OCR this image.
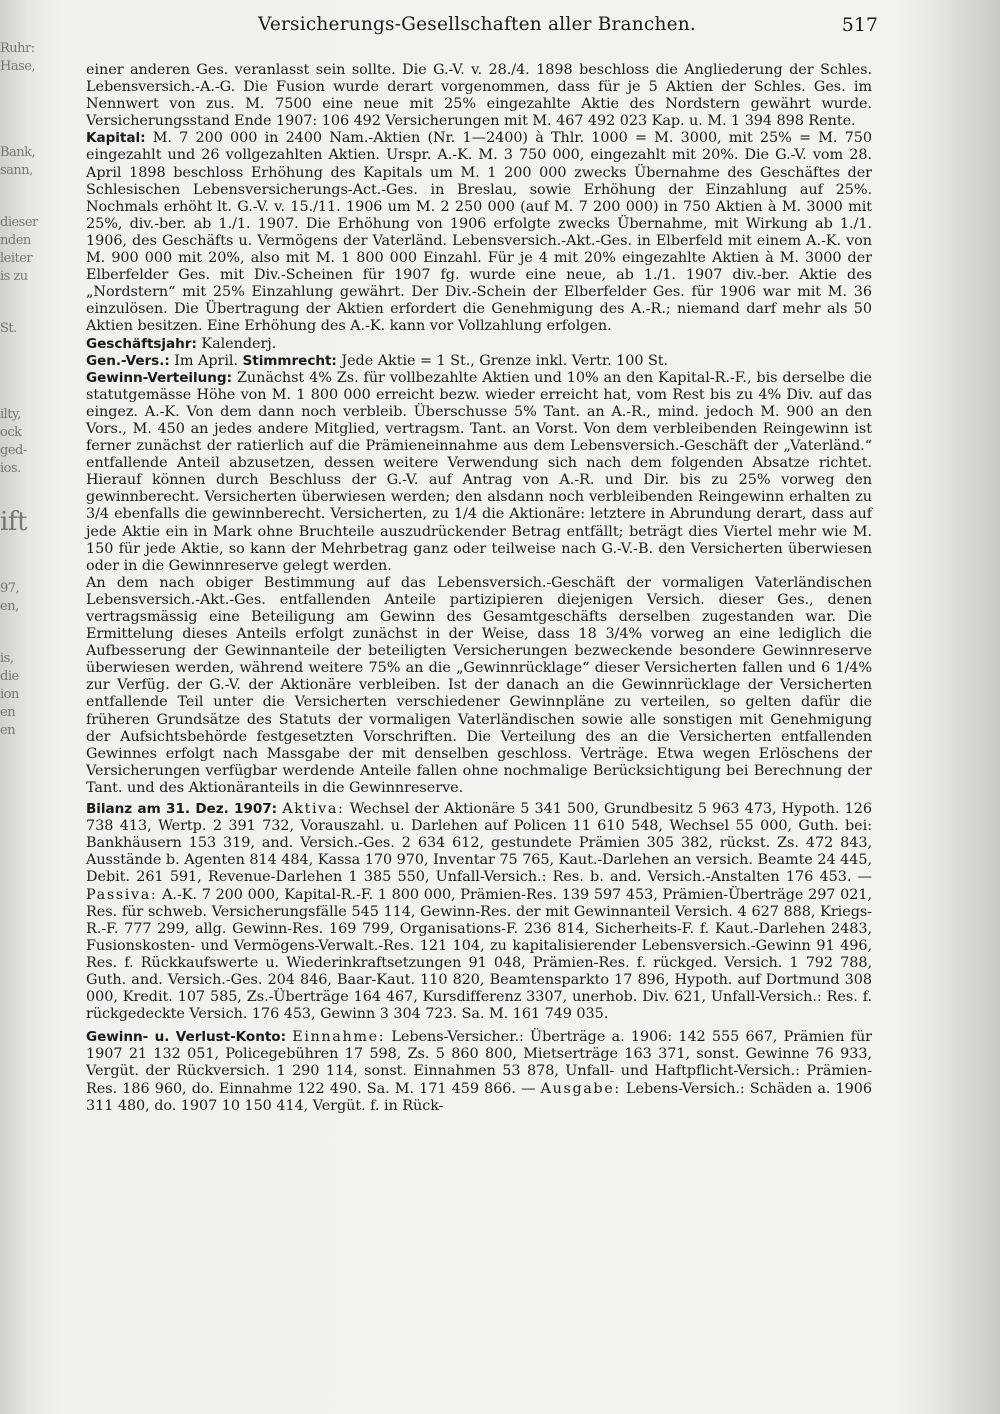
Ruhr:
Hase,
Bank,
sann,
dieser
nden
leiter
is zu
St.
ilty,
ock
ged-
ios.
ift
97,
en,
is,
die
ion
en
en
Versicherungs-Gesellschaften aller Branchen.	517

einer anderen Ges. veranlasst sein sollte. Die G.-V. v. 28./4. 1898 beschloss die Angliederung der Schles. Lebensversich.-A.-G. Die Fusion wurde derart vorgenommen, dass für je 5 Aktien der Schles. Ges. im Nennwert von zus. M. 7500 eine neue mit 25% eingezahlte Aktie des Nordstern gewährt wurde. Versicherungsstand Ende 1907: 106 492 Versicherungen mit M. 467 492 023 Kap. u. M. 1 394 898 Rente.

Kapital: M. 7 200 000 in 2400 Nam.-Aktien (Nr. 1—2400) à Thlr. 1000 = M. 3000, mit 25% = M. 750 eingezahlt und 26 vollgezahlten Aktien. Urspr. A.-K. M. 3 750 000, eingezahlt mit 20%. Die G.-V. vom 28. April 1898 beschloss Erhöhung des Kapitals um M. 1 200 000 zwecks Übernahme des Geschäftes der Schlesischen Lebensversicherungs-Act.-Ges. in Breslau, sowie Erhöhung der Einzahlung auf 25%. Nochmals erhöht lt. G.-V. v. 15./11. 1906 um M. 2 250 000 (auf M. 7 200 000) in 750 Aktien à M. 3000 mit 25%, div.-ber. ab 1./1. 1907. Die Erhöhung von 1906 erfolgte zwecks Übernahme, mit Wirkung ab 1./1. 1906, des Geschäfts u. Vermögens der Vaterländ. Lebensversich.-Akt.-Ges. in Elberfeld mit einem A.-K. von M. 900 000 mit 20%, also mit M. 1 800 000 Einzahl. Für je 4 mit 20% eingezahlte Aktien à M. 3000 der Elberfelder Ges. mit Div.-Scheinen für 1907 fg. wurde eine neue, ab 1./1. 1907 div.-ber. Aktie des „Nordstern“ mit 25% Einzahlung gewährt. Der Div.-Schein der Elberfelder Ges. für 1906 war mit M. 36 einzulösen. Die Übertragung der Aktien erfordert die Genehmigung des A.-R.; niemand darf mehr als 50 Aktien besitzen. Eine Erhöhung des A.-K. kann vor Vollzahlung erfolgen.

Geschäftsjahr: Kalenderj.

Gen.-Vers.: Im April. Stimmrecht: Jede Aktie = 1 St., Grenze inkl. Vertr. 100 St.

Gewinn-Verteilung: Zunächst 4% Zs. für vollbezahlte Aktien und 10% an den Kapital-R.-F., bis derselbe die statutgemässe Höhe von M. 1 800 000 erreicht bezw. wieder erreicht hat, vom Rest bis zu 4% Div. auf das eingez. A.-K. Von dem dann noch verbleib. Überschusse 5% Tant. an A.-R., mind. jedoch M. 900 an den Vors., M. 450 an jedes andere Mitglied, vertragsm. Tant. an Vorst. Von dem verbleibenden Reingewinn ist ferner zunächst der ratierlich auf die Prämieneinnahme aus dem Lebensversich.-Geschäft der „Vaterländ.“ entfallende Anteil abzusetzen, dessen weitere Verwendung sich nach dem folgenden Absatze richtet. Hierauf können durch Beschluss der G.-V. auf Antrag von A.-R. und Dir. bis zu 25% vorweg den gewinnberecht. Versicherten überwiesen werden; den alsdann noch verbleibenden Reingewinn erhalten zu 3/4 ebenfalls die gewinnberecht. Versicherten, zu 1/4 die Aktionäre: letztere in Abrundung derart, dass auf jede Aktie ein in Mark ohne Bruchteile auszudrückender Betrag entfällt; beträgt dies Viertel mehr wie M. 150 für jede Aktie, so kann der Mehrbetrag ganz oder teilweise nach G.-V.-B. den Versicherten überwiesen oder in die Gewinnreserve gelegt werden.

An dem nach obiger Bestimmung auf das Lebensversich.-Geschäft der vormaligen Vaterländischen Lebensversich.-Akt.-Ges. entfallenden Anteile partizipieren diejenigen Versich. dieser Ges., denen vertragsmässig eine Beteiligung am Gewinn des Gesamtgeschäfts derselben zugestanden war. Die Ermittelung dieses Anteils erfolgt zunächst in der Weise, dass 18 3/4% vorweg an eine lediglich die Aufbesserung der Gewinnanteile der beteiligten Versicherungen bezweckende besondere Gewinnreserve überwiesen werden, während weitere 75% an die „Gewinnrücklage“ dieser Versicherten fallen und 6 1/4% zur Verfüg. der G.-V. der Aktionäre verbleiben. Ist der danach an die Gewinnrücklage der Versicherten entfallende Teil unter die Versicherten verschiedener Gewinnpläne zu verteilen, so gelten dafür die früheren Grundsätze des Statuts der vormaligen Vaterländischen sowie alle sonstigen mit Genehmigung der Aufsichtsbehörde festgesetzten Vorschriften. Die Verteilung des an die Versicherten entfallenden Gewinnes erfolgt nach Massgabe der mit denselben geschloss. Verträge. Etwa wegen Erlöschens der Versicherungen verfügbar werdende Anteile fallen ohne nochmalige Berücksichtigung bei Berechnung der Tant. und des Aktionäranteils in die Gewinnreserve.

Bilanz am 31. Dez. 1907: Aktiva: Wechsel der Aktionäre 5 341 500, Grundbesitz 5 963 473, Hypoth. 126 738 413, Wertp. 2 391 732, Vorauszahl. u. Darlehen auf Policen 11 610 548, Wechsel 55 000, Guth. bei: Bankhäusern 153 319, and. Versich.-Ges. 2 634 612, gestundete Prämien 305 382, rückst. Zs. 472 843, Ausstände b. Agenten 814 484, Kassa 170 970, Inventar 75 765, Kaut.-Darlehen an versich. Beamte 24 445, Debit. 261 591, Revenue-Darlehen 1 385 550, Unfall-Versich.: Res. b. and. Versich.-Anstalten 176 453. — Passiva: A.-K. 7 200 000, Kapital-R.-F. 1 800 000, Prämien-Res. 139 597 453, Prämien-Überträge 297 021, Res. für schweb. Versicherungsfälle 545 114, Gewinn-Res. der mit Gewinnanteil Versich. 4 627 888, Kriegs-R.-F. 777 299, allg. Gewinn-Res. 169 799, Organisations-F. 236 814, Sicherheits-F. f. Kaut.-Darlehen 2483, Fusionskosten- und Vermögens-Verwalt.-Res. 121 104, zu kapitalisierender Lebensversich.-Gewinn 91 496, Res. f. Rückkaufswerte u. Wiederinkraftsetzungen 91 048, Prämien-Res. f. rückged. Versich. 1 792 788, Guth. and. Versich.-Ges. 204 846, Baar-Kaut. 110 820, Beamtensparkto 17 896, Hypoth. auf Dortmund 308 000, Kredit. 107 585, Zs.-Überträge 164 467, Kursdifferenz 3307, unerhob. Div. 621, Unfall-Versich.: Res. f. rückgedeckte Versich. 176 453, Gewinn 3 304 723. Sa. M. 161 749 035.

Gewinn- u. Verlust-Konto: Einnahme: Lebens-Versicher.: Überträge a. 1906: 142 555 667, Prämien für 1907 21 132 051, Policegebühren 17 598, Zs. 5 860 800, Mietserträge 163 371, sonst. Gewinne 76 933, Vergüt. der Rückversich. 1 290 114, sonst. Einnahmen 53 878, Unfall- und Haftpflicht-Versich.: Prämien-Res. 186 960, do. Einnahme 122 490. Sa. M. 171 459 866. — Ausgabe: Lebens-Versich.: Schäden a. 1906 311 480, do. 1907 10 150 414, Vergüt. f. in Rück-
